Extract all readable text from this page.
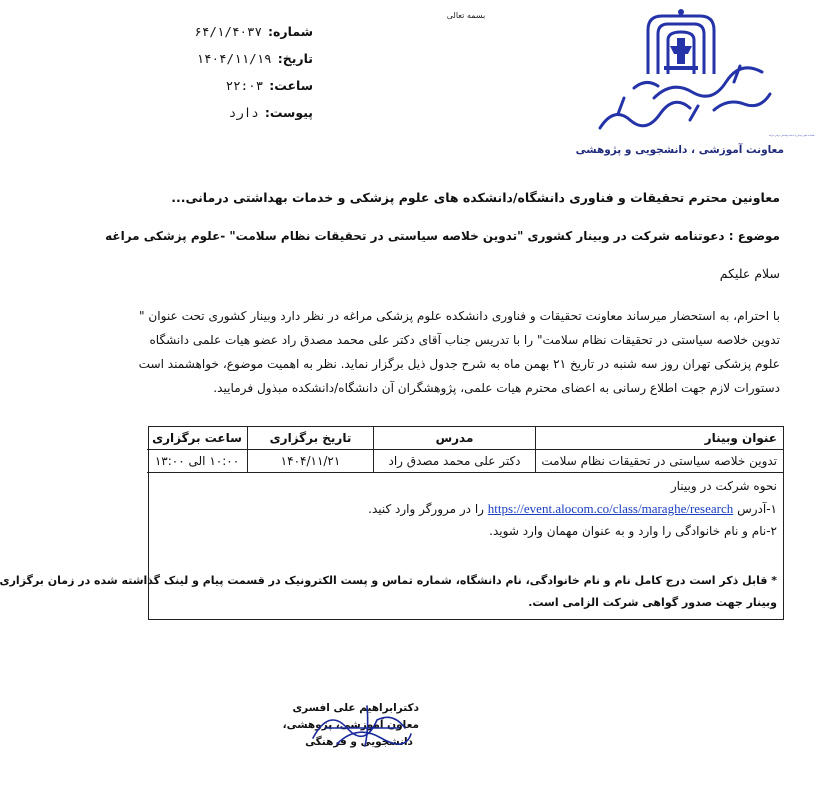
بسمه تعالی
شماره:۶۴/۱/۴۰۳۷
تاریخ:۱۴۰۴/۱۱/۱۹
ساعت:۲۲:۰۳
پیوست:دارد
دانشکده علوم پزشکی و خدمات بهداشتی درمانی مراغه
معاونت آموزشی ، دانشجویی و پژوهشی
معاونین محترم تحقیقات و فناوری دانشگاه/دانشکده های علوم پزشکی و خدمات بهداشتی درمانی...
موضوع : دعوتنامه شرکت در وبینار کشوری "تدوین خلاصه سیاستی در تحقیقات نظام سلامت" -علوم پزشکی مراغه
سلام علیکم
با احترام، به استحضار میرساند معاونت تحقیقات و فناوری دانشکده علوم پزشکی مراغه در نظر دارد وبینار کشوری تحت عنوان "
تدوین خلاصه سیاستی در تحقیقات نظام سلامت" را با تدریس جناب آقای دکتر علی محمد مصدق راد عضو هیات علمی دانشگاه
علوم پزشکی تهران روز سه شنبه در تاریخ ۲۱ بهمن ماه به شرح جدول ذیل برگزار نماید. نظر به اهمیت موضوع، خواهشمند است
دستورات لازم جهت اطلاع رسانی به اعضای محترم هیات علمی، پژوهشگران آن دانشگاه/دانشکده مبذول فرمایید.
عنوان وبینار
مدرس
تاریخ برگزاری
ساعت برگزاری
تدوین خلاصه سیاستی در تحقیقات نظام سلامت
دکتر علی محمد مصدق راد
۱۴۰۴/۱۱/۲۱
۱۰:۰۰ الی ۱۳:۰۰
نحوه شرکت در وبینار
۱-آدرس https://event.alocom.co/class/maraghe/research را در مرورگر وارد کنید.
۲-نام و نام خانوادگی را وارد و به عنوان مهمان وارد شوید.
* قابل ذکر است درج کامل نام و نام خانوادگی، نام دانشگاه، شماره تماس و پست الکترونیک در قسمت پیام و لینک گذاشته شده در زمان برگزاری
وبینار جهت صدور گواهی شرکت الزامی است.
دکترابراهیم علی افسری
معاون آموزشی، پژوهشی،
دانشجویی و فرهنگی
